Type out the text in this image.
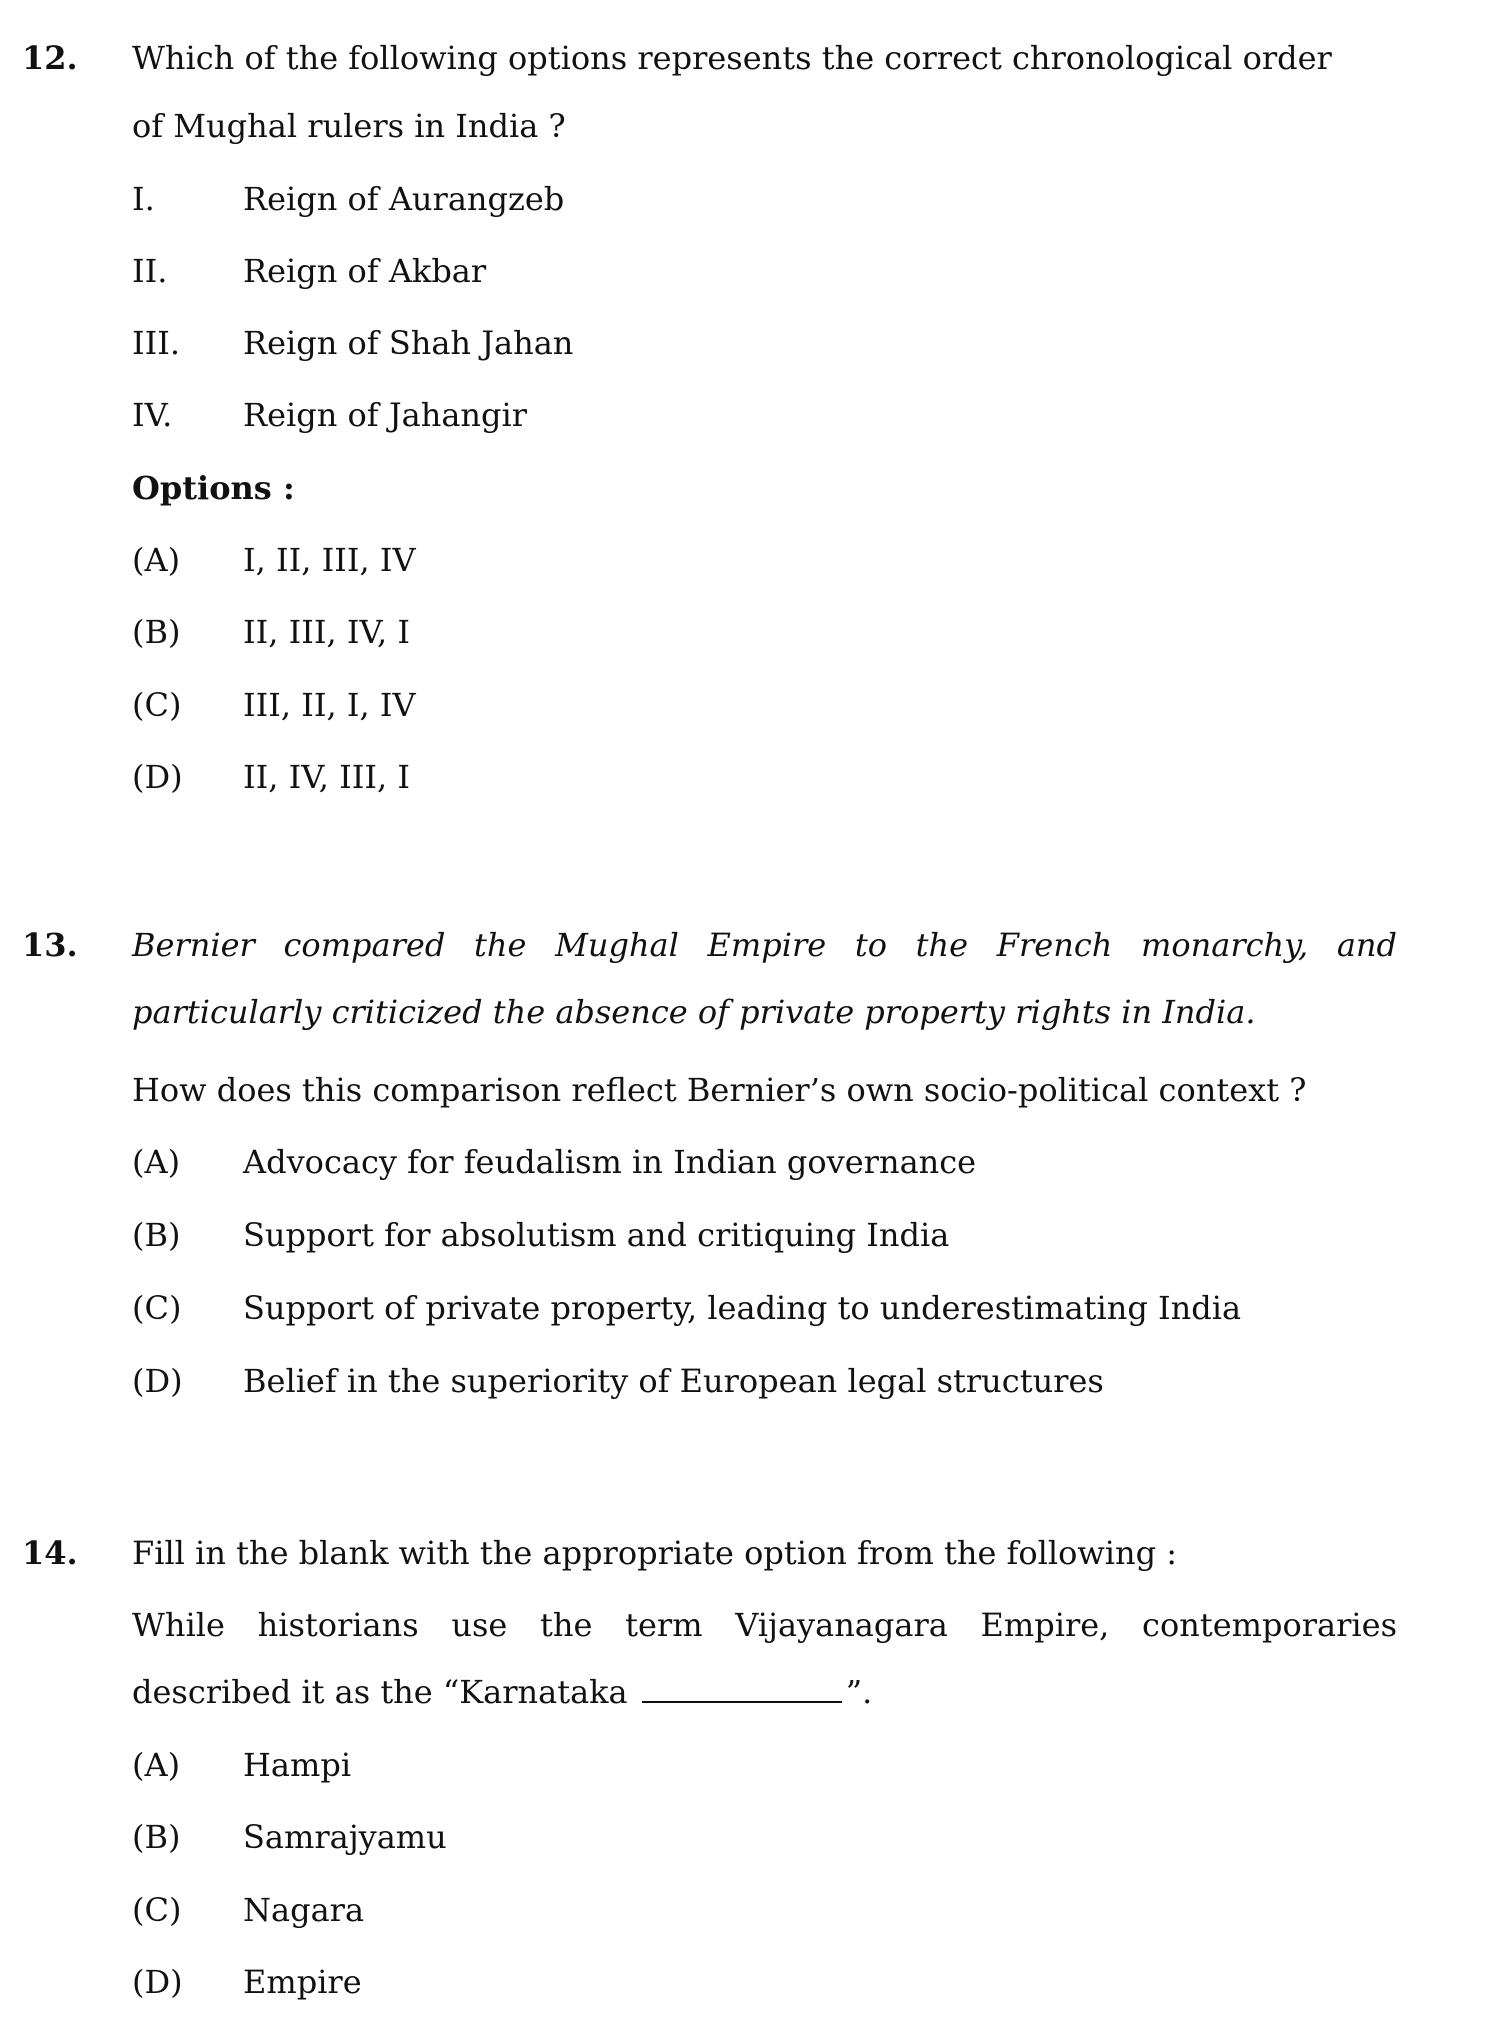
12. Which of the following options represents the correct chronological order
of Mughal rulers in India ?
I.	Reign of Aurangzeb
II. Reign of Akbar
III. Reign of Shah Jahan
IV. Reign of Jahangir
Options :
(A) I, II, III, IV
(B) II, III, IV, I
(C) III, II, I, IV
(D) II, IV, III, I
13. Bernier compared the Mughal Empire to the French monarchy, and
particularly criticized the absence of private property rights in India.
How does this comparison reflect Bernier’s own socio-political context ?
(A) Advocacy for feudalism in Indian governance
(B) Support for absolutism and critiquing India
(C) Support of private property, leading to underestimating India
(D) Belief in the superiority of European legal structures
14. Fill in the blank with the appropriate option from the following :
While historians use the term Vijayanagara Empire, contemporaries
described it as the “Karnataka	”.
(A) Hampi
(B) Samrajyamu
(C) Nagara
(D) Empire
